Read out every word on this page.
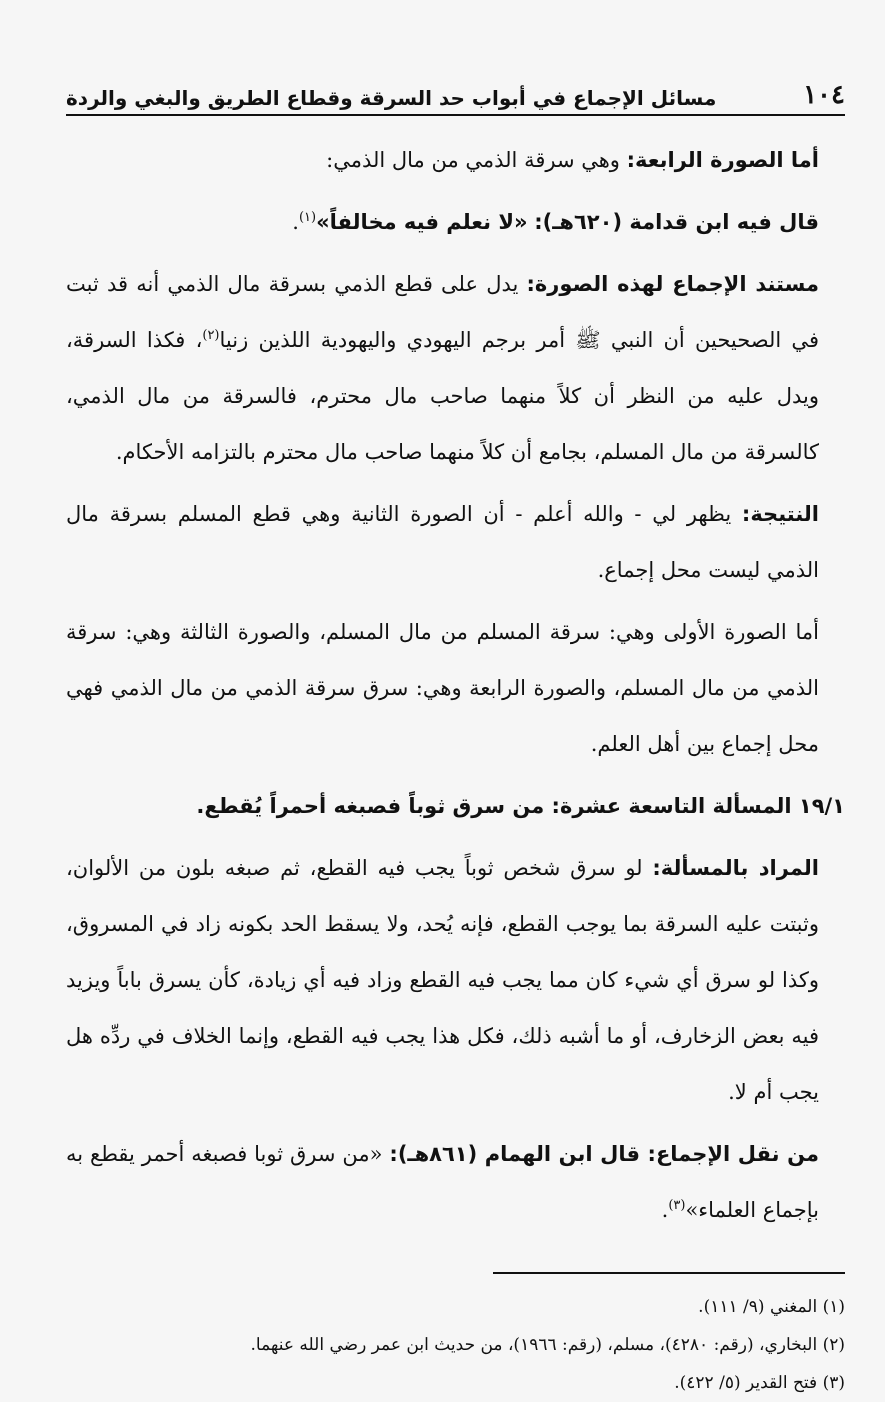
١٠٤
مسائل الإجماع في أبواب حد السرقة وقطاع الطريق والبغي والردة

أما الصورة الرابعة: وهي سرقة الذمي من مال الذمي:

قال فيه ابن قدامة (٦٢٠هـ): «لا نعلم فيه مخالفاً»$^{(١)}$.

مستند الإجماع لهذه الصورة: يدل على قطع الذمي بسرقة مال الذمي أنه قد ثبت في الصحيحين أن النبي ﷺ أمر برجم اليهودي واليهودية اللذين زنيا$^{(٢)}$، فكذا السرقة، ويدل عليه من النظر أن كلاً منهما صاحب مال محترم، فالسرقة من مال الذمي، كالسرقة من مال المسلم، بجامع أن كلاً منهما صاحب مال محترم بالتزامه الأحكام.

النتيجة: يظهر لي - والله أعلم - أن الصورة الثانية وهي قطع المسلم بسرقة مال الذمي ليست محل إجماع.

أما الصورة الأولى وهي: سرقة المسلم من مال المسلم، والصورة الثالثة وهي: سرقة الذمي من مال المسلم، والصورة الرابعة وهي: سرق سرقة الذمي من مال الذمي فهي محل إجماع بين أهل العلم.

١٩/١ المسألة التاسعة عشرة: من سرق ثوباً فصبغه أحمراً يُقطع.

المراد بالمسألة: لو سرق شخص ثوباً يجب فيه القطع، ثم صبغه بلون من الألوان، وثبتت عليه السرقة بما يوجب القطع، فإنه يُحد، ولا يسقط الحد بكونه زاد في المسروق، وكذا لو سرق أي شيء كان مما يجب فيه القطع وزاد فيه أي زيادة، كأن يسرق باباً ويزيد فيه بعض الزخارف، أو ما أشبه ذلك، فكل هذا يجب فيه القطع، وإنما الخلاف في ردِّه هل يجب أم لا.

من نقل الإجماع: قال ابن الهمام (٨٦١هـ): «من سرق ثوبا فصبغه أحمر يقطع به بإجماع العلماء»$^{(٣)}$.

(١) المغني (٩/ ١١١).

(٢) البخاري، (رقم: ٤٢٨٠)، مسلم، (رقم: ١٩٦٦)، من حديث ابن عمر رضي الله عنهما.

(٣) فتح القدير (٥/ ٤٢٢).
